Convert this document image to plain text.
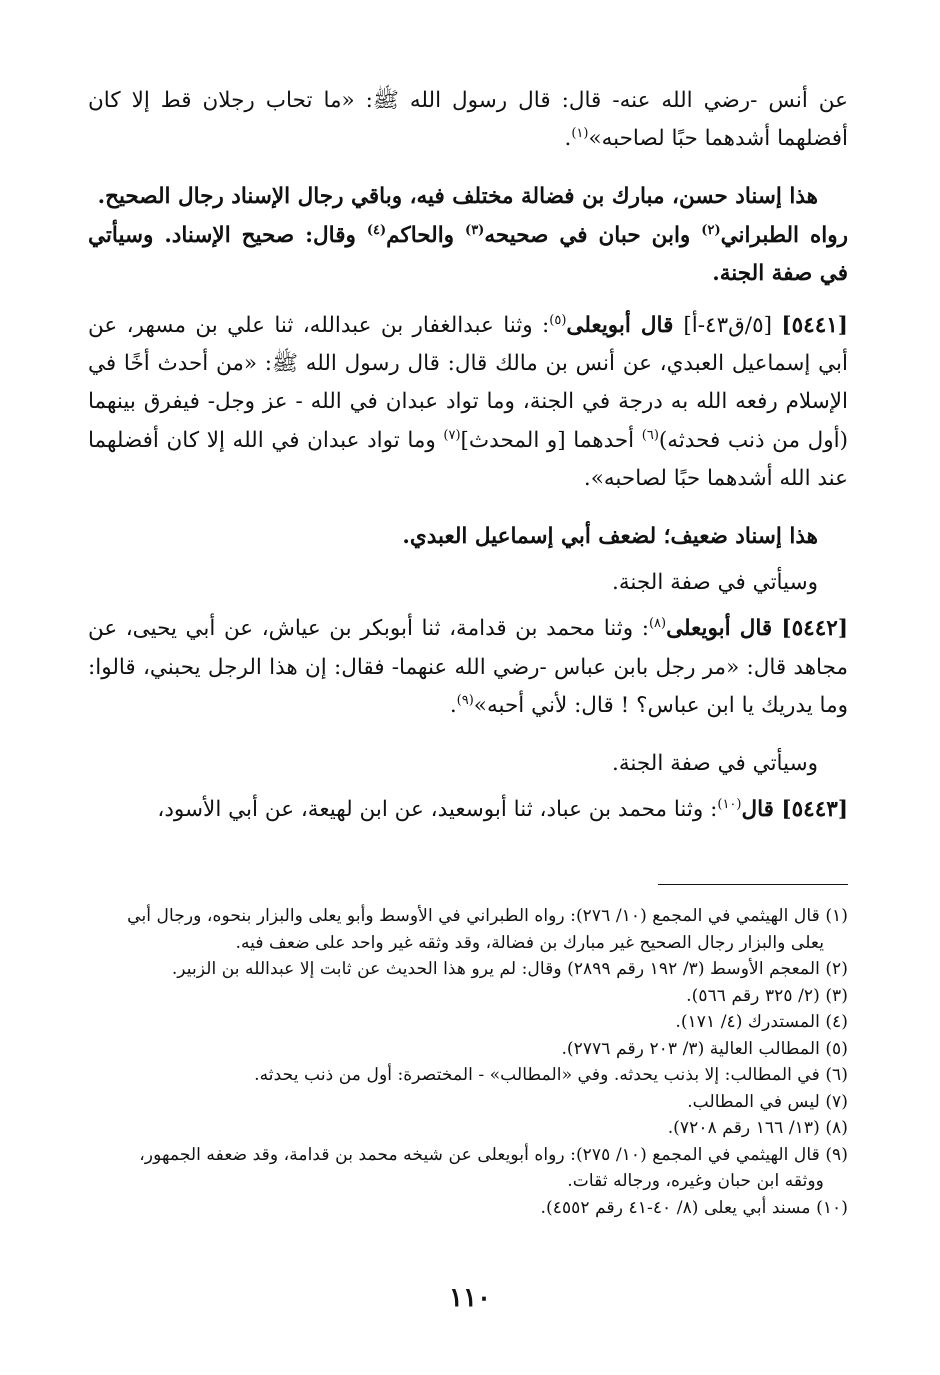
عن أنس -رضي الله عنه- قال: قال رسول الله ﷺ: «ما تحاب رجلان قط إلا كان أفضلهما أشدهما حبًا لصاحبه»$^{(١)}$.

هذا إسناد حسن، مبارك بن فضالة مختلف فيه، وباقي رجال الإسناد رجال الصحيح.

رواه الطبراني$^{(٢)}$ وابن حبان في صحيحه$^{(٣)}$ والحاكم$^{(٤)}$ وقال: صحيح الإسناد. وسيأتي في صفة الجنة.

[٥٤٤١] [٥/ق٤٣-أ] قال أبويعلى$^{(٥)}$: وثنا عبدالغفار بن عبدالله، ثنا علي بن مسهر، عن أبي إسماعيل العبدي، عن أنس بن مالك قال: قال رسول الله ﷺ: «من أحدث أخًا في الإسلام رفعه الله به درجة في الجنة، وما تواد عبدان في الله - عز وجل- فيفرق بينهما (أول من ذنب فحدثه)$^{(٦)}$ أحدهما [و المحدث]$^{(٧)}$ وما تواد عبدان في الله إلا كان أفضلهما عند الله أشدهما حبًا لصاحبه».

هذا إسناد ضعيف؛ لضعف أبي إسماعيل العبدي.

وسيأتي في صفة الجنة.

[٥٤٤٢] قال أبويعلى$^{(٨)}$: وثنا محمد بن قدامة، ثنا أبوبكر بن عياش، عن أبي يحيى، عن مجاهد قال: «مر رجل بابن عباس -رضي الله عنهما- فقال: إن هذا الرجل يحبني، قالوا: وما يدريك يا ابن عباس؟ ! قال: لأني أحبه»$^{(٩)}$.

وسيأتي في صفة الجنة.

[٥٤٤٣] قال$^{(١٠)}$: وثنا محمد بن عباد، ثنا أبوسعيد، عن ابن لهيعة، عن أبي الأسود،

(١) قال الهيثمي في المجمع (١٠/ ٢٧٦): رواه الطبراني في الأوسط وأبو يعلى والبزار بنحوه، ورجال أبي

يعلى والبزار رجال الصحيح غير مبارك بن فضالة، وقد وثقه غير واحد على ضعف فيه.

(٢) المعجم الأوسط (٣/ ١٩٢ رقم ٢٨٩٩) وقال: لم يرو هذا الحديث عن ثابت إلا عبدالله بن الزبير.

(٣) (٢/ ٣٢٥ رقم ٥٦٦).

(٤) المستدرك (٤/ ١٧١).

(٥) المطالب العالية (٣/ ٢٠٣ رقم ٢٧٧٦).

(٦) في المطالب: إلا بذنب يحدثه. وفي «المطالب» - المختصرة: أول من ذنب يحدثه.

(٧) ليس في المطالب.

(٨) (١٣/ ١٦٦ رقم ٧٢٠٨).

(٩) قال الهيثمي في المجمع (١٠/ ٢٧٥): رواه أبويعلى عن شيخه محمد بن قدامة، وقد ضعفه الجمهور،

ووثقه ابن حبان وغيره، ورجاله ثقات.

(١٠) مسند أبي يعلى (٨/ ٤٠-٤١ رقم ٤٥٥٢).

١١٠
